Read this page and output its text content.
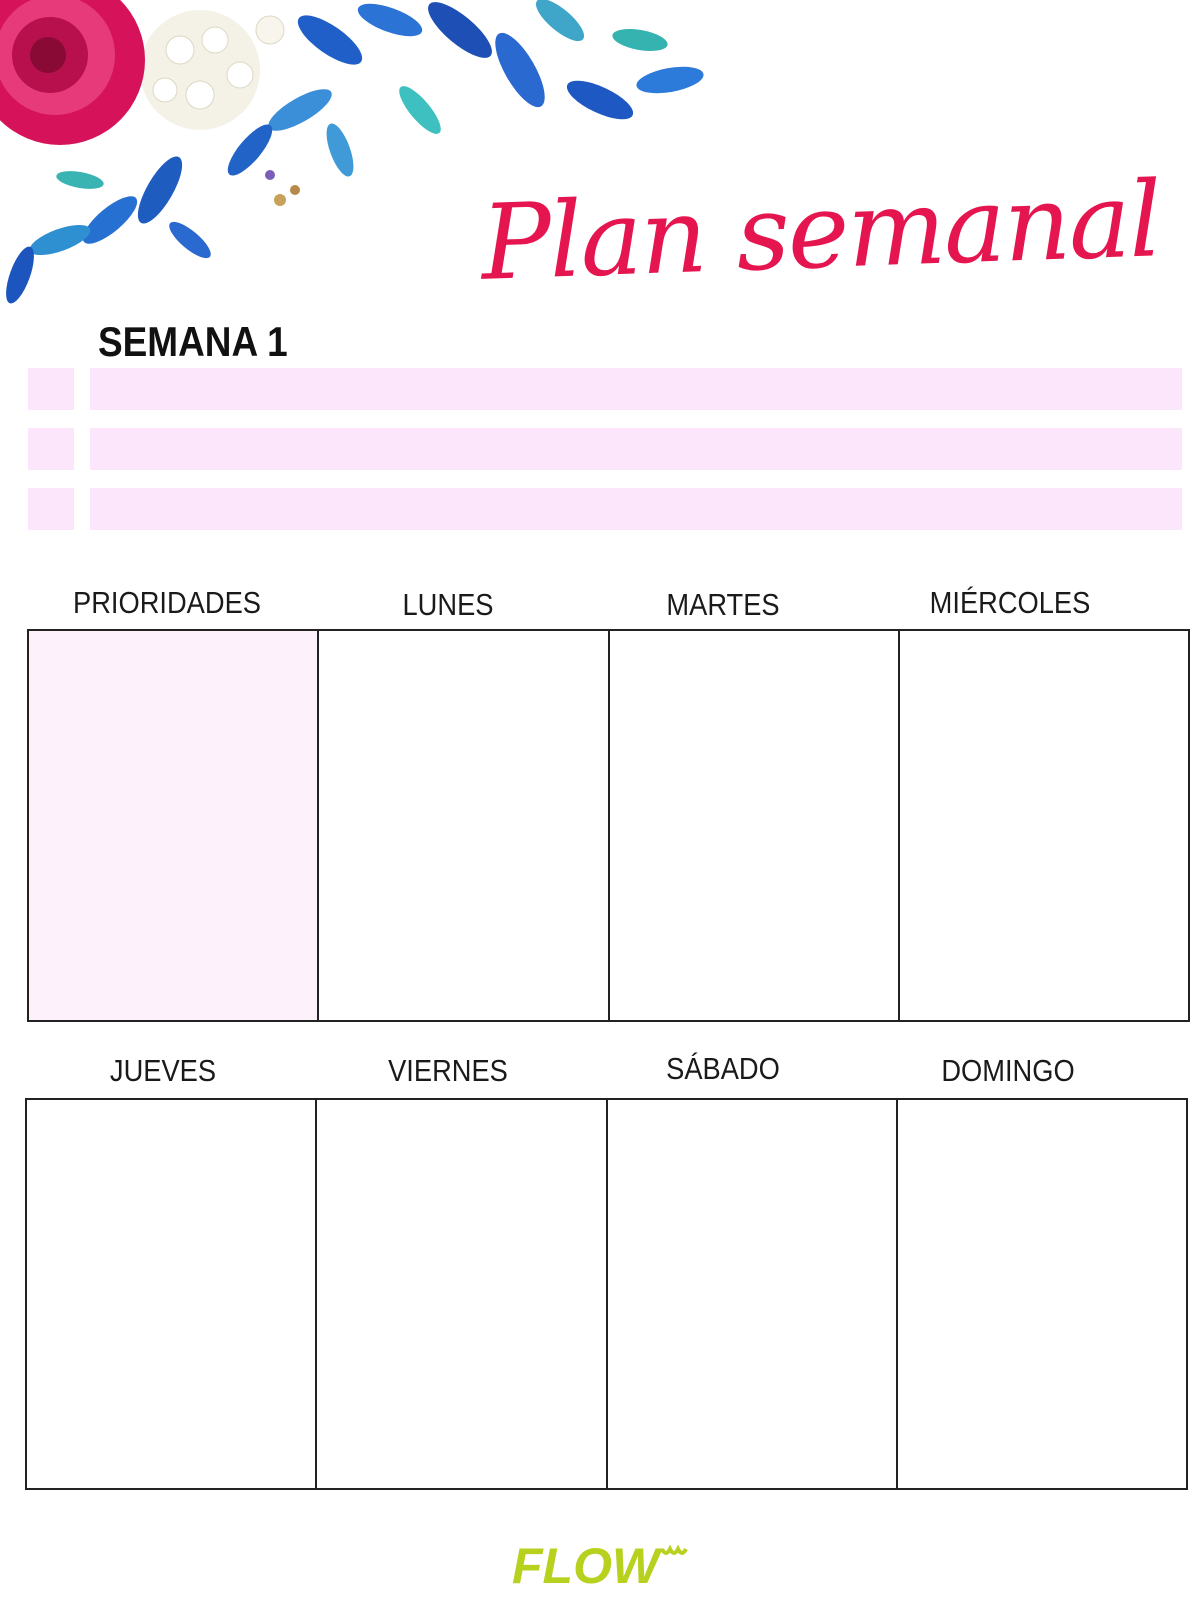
Plan semanal
SEMANA 1
PRIORIDADES	LUNES	MARTES	MIÉRCOLES
JUEVES	VIERNES	SÁBADO	DOMINGO
FLOW
